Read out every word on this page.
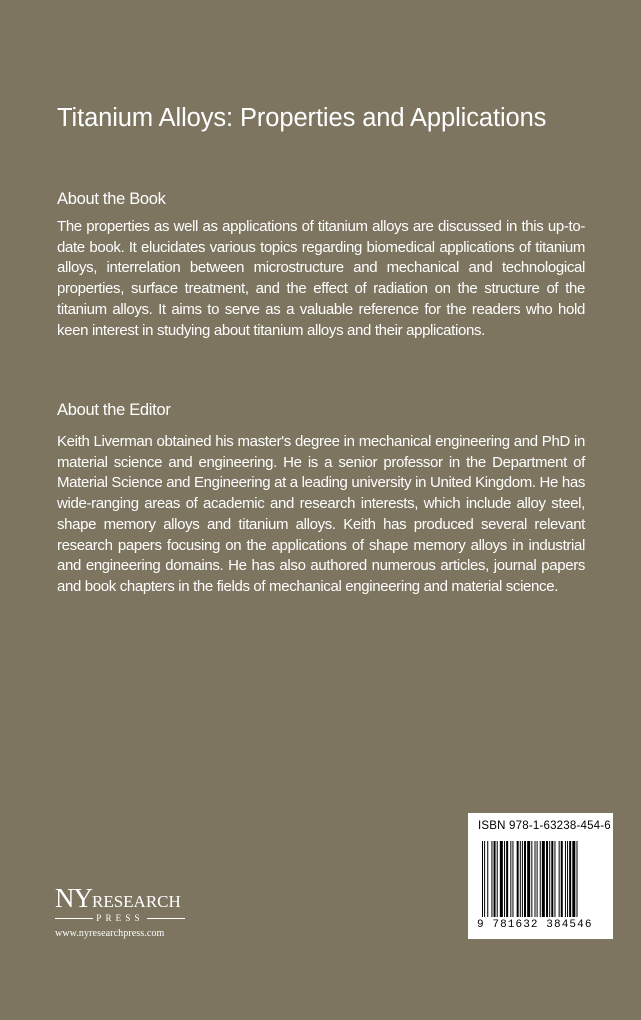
Titanium Alloys: Properties and Applications
About the Book
The properties as well as applications of titanium alloys are discussed in this up-to-date book. It elucidates various topics regarding biomedical applications of titanium alloys, interrelation between microstructure and mechanical and technological properties, surface treatment, and the effect of radiation on the structure of the titanium alloys. It aims to serve as a valuable reference for the readers who hold keen interest in studying about titanium alloys and their applications.
About the Editor
Keith Liverman obtained his master's degree in mechanical engineering and PhD in material science and engineering. He is a senior professor in the Department of Material Science and Engineering at a leading university in United Kingdom. He has wide-ranging areas of academic and research interests, which include alloy steel, shape memory alloys and titanium alloys. Keith has produced several relevant research papers focusing on the applications of shape memory alloys in industrial and engineering domains. He has also authored numerous articles, journal papers and book chapters in the fields of mechanical engineering and material science.
NYRESEARCH
PRESS
www.nyresearchpress.com
ISBN 978-1-63238-454-6
9 781632 384546
